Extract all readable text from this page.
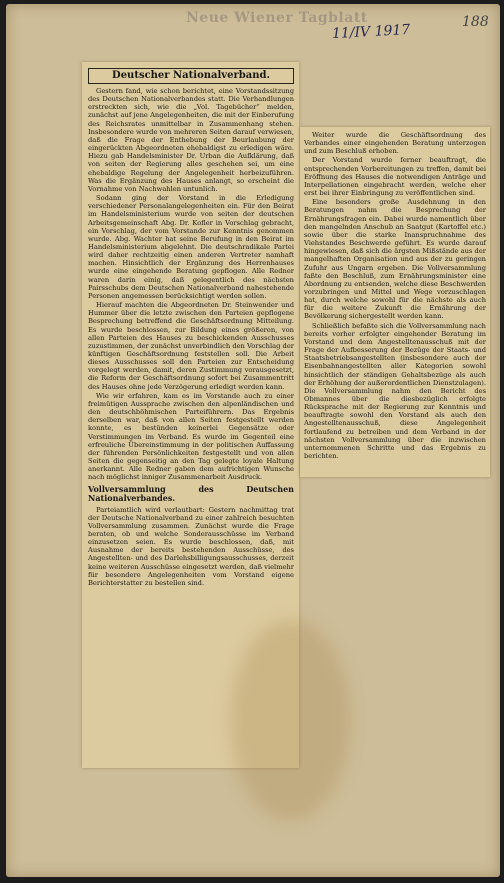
Neue Wiener Tagblatt
11/IV 1917	188
Deutscher Nationalverband.

Gestern fand, wie schon berichtet, eine Vorstandssitzung des Deutschen Nationalverbandes statt. Die Verhandlungen erstreckten sich, wie die „Vol. Tagebücher“ melden, zunächst auf jene Angelegenheiten, die mit der Einberufung des Reichsrates unmittelbar in Zusammenhang stehen. Insbesondere wurde von mehreren Seiten darauf verwiesen, daß die Frage der Enthebung der Beurlaubung der eingerückten Abgeordneten ehebaldigst zu erledigen wäre. Hiezu gab Handelsminister Dr. Urban die Aufklärung, daß von seiten der Regierung alles geschehen sei, um eine ehebaldige Regelung der Angelegenheit herbeizuführen. Was die Ergänzung des Hauses anlangt, so erscheint die Vornahme von Nachwahlen untunlich.

Sodann ging der Vorstand in die Erledigung verschiedener Personalangelegenheiten ein. Für den Beirat im Handelsministerium wurde von seiten der deutschen Arbeitsgemeinschaft Abg. Dr. Kofler in Vorschlag gebracht, ein Vorschlag, der vom Vorstande zur Kenntnis genommen wurde. Abg. Wachter hat seine Berufung in den Beirat im Handelsministerium abgelehnt. Die deutschradikale Partei wird daher rechtzeitig einen anderen Vertreter namhaft machen. Hinsichtlich der Ergänzung des Herrenhauses wurde eine eingehende Beratung gepflogen. Alle Redner waren darin einig, daß gelegentlich des nächsten Pairsschubs dem Deutschen Nationalverband nahestehende Personen angemessen berücksichtigt werden sollen.

Hierauf machten die Abgeordneten Dr. Steinwender und Hummer über die letzte zwischen den Parteien gepflogene Besprechung betreffend die Geschäftsordnung Mitteilung. Es wurde beschlossen, zur Bildung eines größeren, von allen Parteien des Hauses zu beschickenden Ausschusses zuzustimmen, der zunächst unverbindlich den Vorschlag der künftigen Geschäftsordnung feststellen soll. Die Arbeit dieses Ausschusses soll den Parteien zur Entscheidung vorgelegt werden, damit, deren Zustimmung vorausgesetzt, die Reform der Geschäftsordnung sofort bei Zusammentritt des Hauses ohne jede Verzögerung erledigt werden kann.

Wie wir erfahren, kam es im Vorstande auch zu einer freimütigen Aussprache zwischen den alpenländischen und den deutschböhmischen Parteiführern. Das Ergebnis derselben war, daß von allen Seiten festgestellt werden konnte, es bestünden keinerlei Gegensätze oder Verstimmungen im Verband. Es wurde im Gegenteil eine erfreuliche Übereinstimmung in der politischen Auffassung der führenden Persönlichkeiten festgestellt und von allen Seiten die gegenseitig an den Tag gelegte loyale Haltung anerkannt. Alle Redner gaben dem aufrichtigen Wunsche nach möglichst inniger Zusammenarbeit Ausdruck.

Vollversammlung des Deutschen Nationalverbandes.

Parteiamtlich wird verlautbart: Gestern nachmittag trat der Deutsche Nationalverband zu einer zahlreich besuchten Vollversammlung zusammen. Zunächst wurde die Frage beraten, ob und welche Sonderausschüsse im Verband einzusetzen seien. Es wurde beschlossen, daß, mit Ausnahme der bereits bestehenden Ausschüsse, des Angestellten- und des Darlehsbilligungsausschusses, derzeit keine weiteren Ausschüsse eingesetzt werden, daß vielmehr für besondere Angelegenheiten vom Vorstand eigene Berichterstatter zu bestellen sind.

Weiter wurde die Geschäftsordnung des Verbandes einer eingehenden Beratung unterzogen und zum Beschluß erhoben.

Der Vorstand wurde ferner beauftragt, die entsprechenden Vorbereitungen zu treffen, damit bei Eröffnung des Hauses die notwendigen Anträge und Interpellationen eingebracht werden, welche eher erst bei ihrer Einbringung zu veröffentlichen sind.

Eine besonders große Ausdehnung in den Beratungen nahm die Besprechung der Ernährungsfragen ein. Dabei wurde namentlich über den mangelnden Anschub an Saatgut (Kartoffel etc.) sowie über die starke Inanspruchnahme des Viehstandes Beschwerde geführt. Es wurde darauf hingewiesen, daß sich die ärgsten Mißstände aus der mangelhaften Organisation und aus der zu geringen Zufuhr aus Ungarn ergeben. Die Vollversammlung faßte den Beschluß, zum Ernährungsminister eine Abordnung zu entsenden, welche diese Beschwerden vorzubringen und Mittel und Wege vorzuschlagen hat, durch welche sowohl für die nächste als auch für die weitere Zukunft die Ernährung der Bevölkerung sichergestellt werden kann.

Schließlich befaßte sich die Vollversammlung nach bereits vorher erfolgter eingehender Beratung im Vorstand und dem Angestelltenausschuß mit der Frage der Aufbesserung der Bezüge der Staats- und Staatsbetriebsangestellten (insbesondere auch der Eisenbahnangestellten aller Kategorien sowohl hinsichtlich der ständigen Gehaltsbezüge als auch der Erhöhung der außerordentlichen Dienstzulagen). Die Vollversammlung nahm den Bericht des Obmannes über die diesbezüglich erfolgte Rücksprache mit der Regierung zur Kenntnis und beauftragte sowohl den Vorstand als auch den Angestelltenausschuß, diese Angelegenheit fortlaufend zu betreiben und dem Verband in der nächsten Vollversammlung über die inzwischen unternommenen Schritte und das Ergebnis zu berichten.
